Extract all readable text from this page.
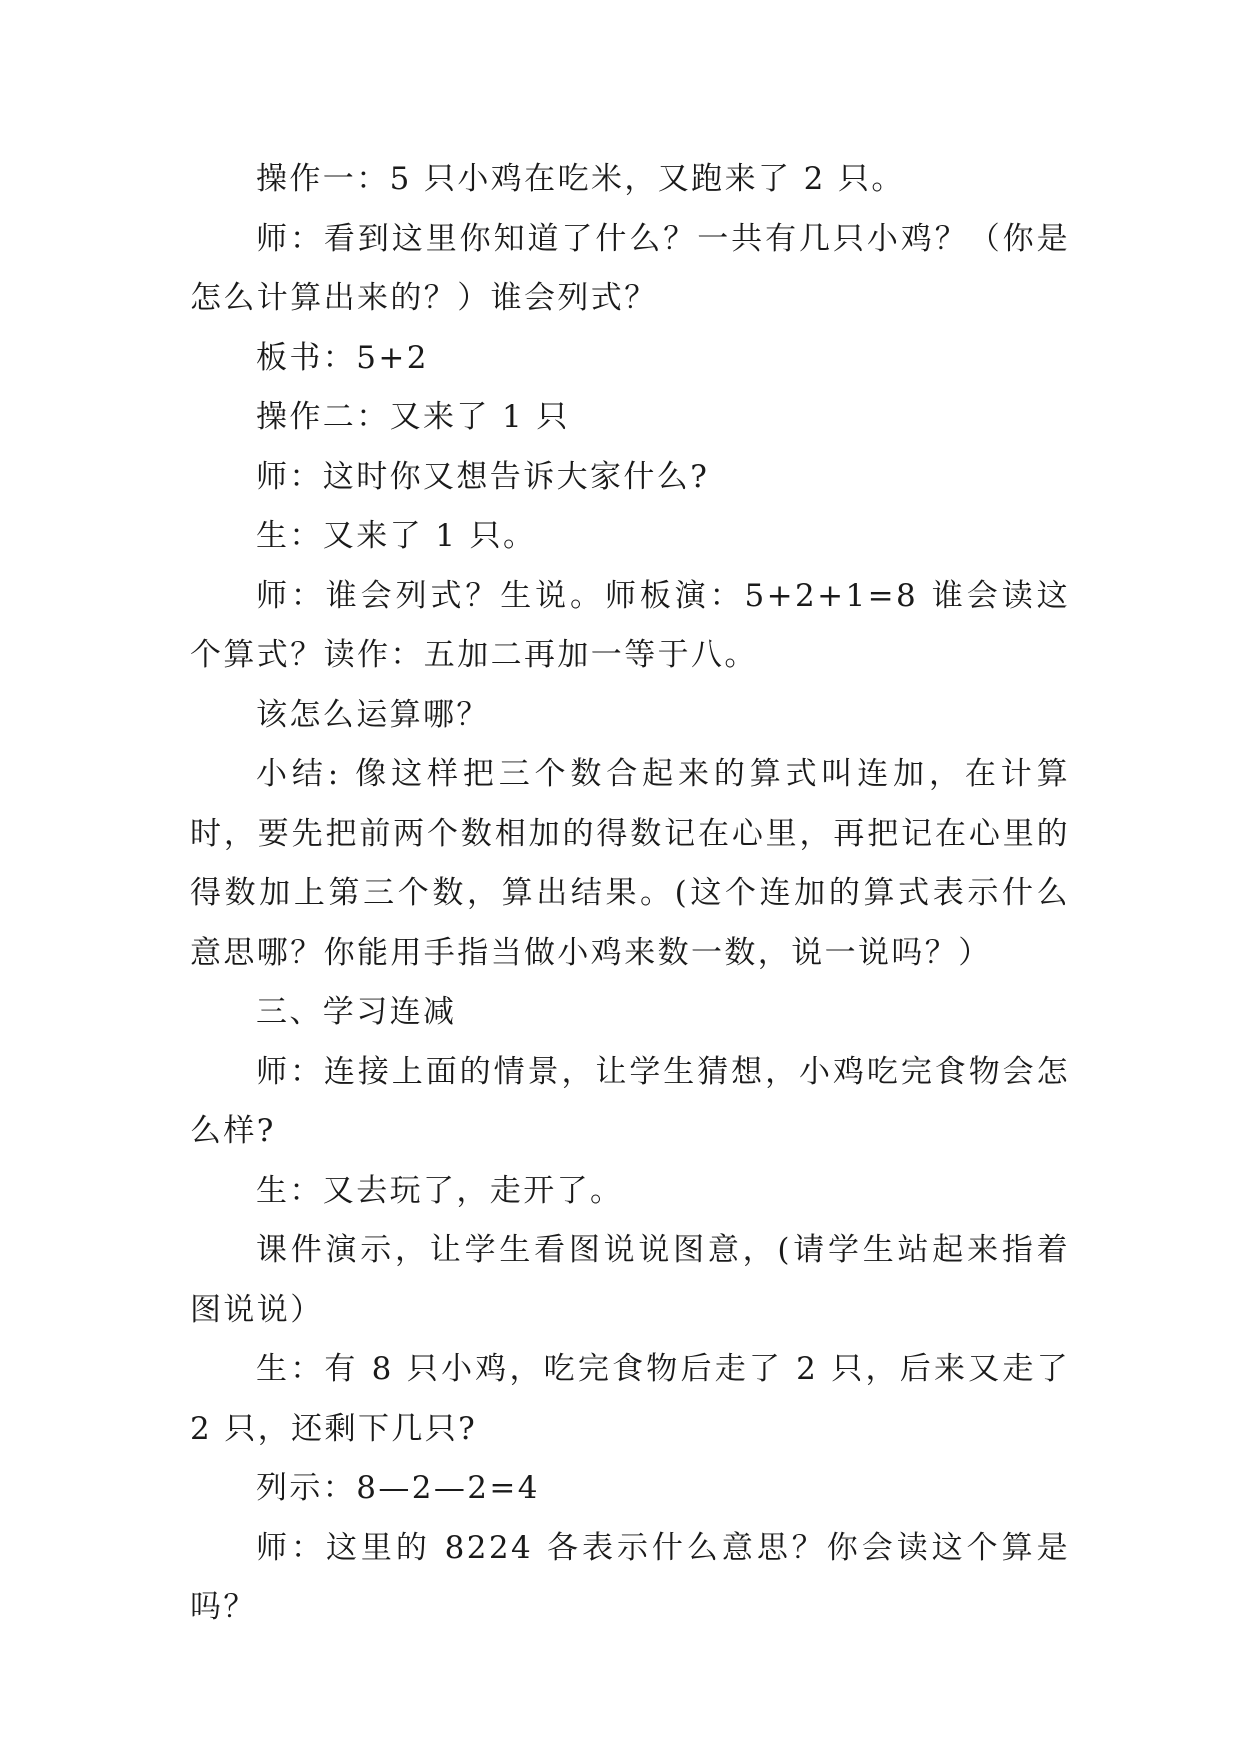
操作一：5 只小鸡在吃米，又跑来了 2 只。

师：看到这里你知道了什么？一共有几只小鸡？（你是怎么计算出来的？）谁会列式？

板书：5+2

操作二：又来了 1 只

师：这时你又想告诉大家什么?

生：又来了 1 只。

师：谁会列式？生说。师板演：5+2+1=8 谁会读这个算式？读作：五加二再加一等于八。

该怎么运算哪？

小结: 像这样把三个数合起来的算式叫连加，在计算时，要先把前两个数相加的得数记在心里，再把记在心里的得数加上第三个数，算出结果。(这个连加的算式表示什么意思哪？你能用手指当做小鸡来数一数，说一说吗？）

三、学习连减

师：连接上面的情景，让学生猜想，小鸡吃完食物会怎么样?

生：又去玩了，走开了。

课件演示，让学生看图说说图意，(请学生站起来指着图说说）

生：有 8 只小鸡，吃完食物后走了 2 只，后来又走了 2 只，还剩下几只?

列示：8—2—2=4

师：这里的 8224 各表示什么意思？你会读这个算是吗？
